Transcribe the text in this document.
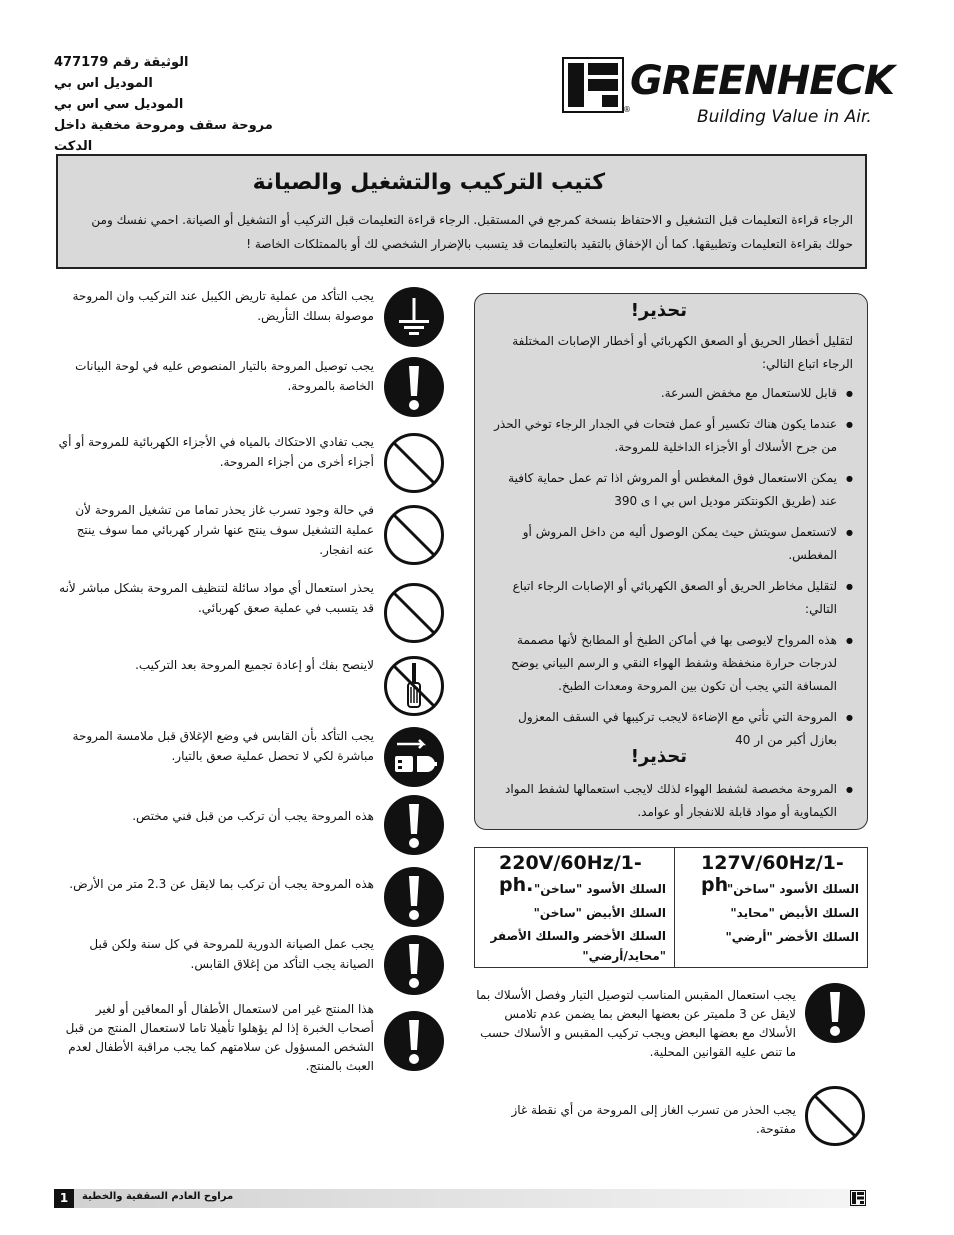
الوثيقة رقم 477179
الموديل اس بي
الموديل سي اس بي
مروحة سقف ومروحة مخفية داخل الدكت
®
GREENHECK
Building Value in Air.
كتيب التركيب والتشغيل والصيانة

الرجاء قراءة التعليمات قبل التشغيل و الاحتفاظ بنسخة كمرجع في المستقبل. الرجاء قراءة التعليمات قبل التركيب أو التشغيل أو الصيانة. احمي نفسك ومن حولك بقراءة التعليمات وتطبيقها. كما أن الإخفاق بالتقيد بالتعليمات قد يتسبب بالإضرار الشخصي لك أو بالممتلكات الخاصة !

يجب التأكد من عملية تاريض الكيبل عند التركيب وان المروحة موصولة بسلك التأريض.
يجب توصيل المروحة بالتيار المنصوص عليه في لوحة البيانات الخاصة بالمروحة.
يجب تفادي الاحتكاك بالمياه في الأجزاء الكهربائية للمروحة أو أي أجزاء أخرى من أجزاء المروحة.
في حالة وجود تسرب غاز يحذر تماما من تشغيل المروحة لأن عملية التشغيل سوف ينتج عنها شرار كهربائي مما سوف ينتج عنه انفجار.
يحذر استعمال أي مواد سائلة لتنظيف المروحة بشكل مباشر لأنه قد يتسبب في عملية صعق كهربائي.
لاينصح بفك أو إعادة تجميع المروحة بعد التركيب.
يجب التأكد بأن القابس في وضع الإغلاق قبل ملامسة المروحة مباشرة لكي لا تحصل عملية صعق بالتيار.
هذه المروحة يجب أن تركب من قبل فني مختص.
هذه المروحة يجب أن تركب بما لايقل عن 2.3 متر من الأرض.
يجب عمل الصيانة الدورية للمروحة في كل سنة ولكن قبل الصيانة يجب التأكد من إغلاق القابس.
هذا المنتج غير امن لاستعمال الأطفال أو المعاقين أو لغير أصحاب الخبرة إذا لم يؤهلوا تأهيلا تاما لاستعمال المنتج من قبل الشخص المسؤول عن سلامتهم كما يجب مراقبة الأطفال لعدم العبث بالمنتج.
تحذير!
لتقليل أخطار الحريق أو الصعق الكهربائي أو أخطار الإصابات المختلفة الرجاء اتباع التالي:
● قابل للاستعمال مع مخفض السرعة.
● عندما يكون هناك تكسير أو عمل فتحات في الجدار الرجاء توخي الحذر من جرح الأسلاك أو الأجزاء الداخلية للمروحة.
● يمكن الاستعمال فوق المغطس أو المروش اذا تم عمل حماية كافية عند (طريق الكونتكتر موديل اس بي ا ى 390
● لاتستعمل سويتش حيث يمكن الوصول أليه من داخل المروش أو المغطس.
● لتقليل مخاطر الحريق أو الصعق الكهربائي أو الإصابات الرجاء اتباع التالي:
● هذه المرواح لايوصى بها في أماكن الطبخ أو المطابخ لأنها مصممة لدرجات حرارة منخفظة وشفط الهواء النقي و الرسم البياني يوضح المسافة التي يجب أن تكون بين المروحة ومعدات الطبخ.
● المروحة التي تأتي مع الإضاءة لايجب تركيبها في السقف المعزول بعازل أكبر من ار 40
تحذير!
● المروحة مخصصة لشفط الهواء لذلك لايجب استعمالها لشفط المواد الكيماوية أو مواد قابلة للانفجار أو عوامد.
220V/60Hz/1-ph. السلك الأسود "ساخن"
السلك الأبيض "ساخن"
السلك الأخضر والسلك الأصفر "محايد/أرضي"
127V/60Hz/1-ph
السلك الأسود "ساخن"
السلك الأبيض "محايد"
السلك الأخضر "أرضي"
يجب استعمال المقبس المناسب لتوصيل التيار وفصل الأسلاك بما لايقل عن 3 ملميتر عن بعضها البعض بما يضمن عدم تلامس الأسلاك مع بعضها البعض ويجب تركيب المقبس و الأسلاك حسب ما تنص عليه القوانين المحلية.
يجب الحذر من تسرب الغاز إلى المروحة من أي نقطة غاز مفتوحة.
1	مراوح العادم السقفية والخطية
